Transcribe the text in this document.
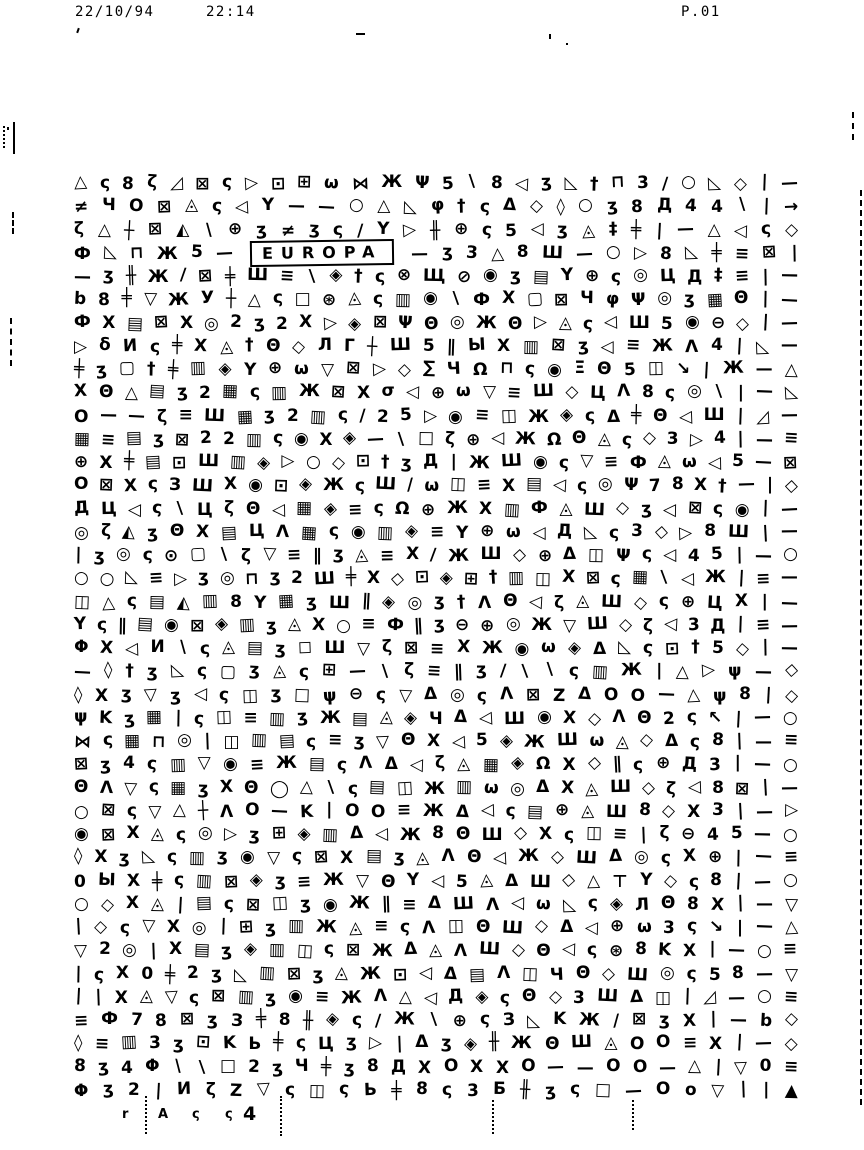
22/10/94	22:14	P.01
△ ς 8 ζ ◿ ⊠ ς ▷ ⊡ ⊞ ω ⋈ Ж Ψ 5 ∖ 8 ◁ ʒ ◺ † ⊓ 3 ∕ ○ ◺ ◇ ∣ —
≠ Ч О ⊠ ◬ ς ◁ Y — — ○ △ ◺ φ † ς Δ ◇ ◊ ○ ʒ 8 Д 4 4 ∖ ∣ →
ζ △ ┼ ⊠ ◭ ∖ ⊕ ʒ ≠ ʒ ς ∕ Y ▷ ╫ ⊕ ς 5 ◁ ʒ ◬ ‡ ╪ ∣ — △ ◁ ς ◇
Ф ◺ ⊓ Ж 5 —	EUROPA	— ʒ 3 △ 8 Ш — ○ ▷ 8 ◺ ╪ ≡ ⊠ ∣
— ʒ ╫ Ж ∕ ⊠ ╪ Ш ≡ ∖ ◈ † ς ⊗ Щ ⊘ ◉ ʒ ▤ Y ⊕ ς ◎ Ц Д ‡ ≡ ∣ —
b 8 ╪ ▽ Ж У ┼ △ ς □ ⊛ ◬ ς ▥ ◉ ∖ Ф X ▢ ⊠ Ч φ Ψ ◎ ʒ ▦ Θ ∣ —
Ф X ▤ ⊠ X ◎ 2 ʒ 2 X ▷ ◈ ⊠ Ψ Θ ◎ Ж Θ ▷ ◬ ς ◁ Ш 5 ◉ ⊖ ◇ ∣ —
▷ δ И ς ╪ X ◬ † Θ ◇ Л Γ ┼ Ш 5 ∥ Ы X ▥ ⊠ ʒ ◁ ≡ Ж Λ 4 ∣ ◺ —
╪ ʒ ▢ † ╪ ▥ ◈ Y ⊕ ω ▽ ⊠ ▷ ◇ ∑ Ч Ω ⊓ ς ◉ Ξ Θ 5 ◫ ↘ ∣ Ж — △
X Θ △ ▤ ʒ 2 ▦ ς ▥ Ж ⊠ X σ ◁ ⊕ ω ▽ ≡ Ш ◇ Ц Λ 8 ς ◎ ∖ ∣ — ◺
O — — ζ ≡ Ш ▦ ʒ 2 ▥ ς ∕ 2 5 ▷ ◉ ≡ ◫ Ж ◈ ς Δ ╪ Θ ◁ Ш ∣ ◿ —
▦ ≡ ▤ ʒ ⊠ 2 2 ▥ ς ◉ X ◈ — ∖ □ ζ ⊕ ◁ Ж Ω Θ ◬ ς ◇ 3 ▷ 4 ∣ — ≡
⊕ X ╪ ▤ ⊡ Ш ▥ ◈ ▷ ○ ◇ ⊡ † ʒ Д ∣ Ж Ш ◉ ς ▽ ≡ Ф ◬ ω ◁ 5 — ⊠
O ⊠ X ς З Ш X ◉ ⊡ ◈ Ж ς Ш ∕ ω ◫ ≡ X ▤ ◁ ς ◎ Ψ 7 8 X † — ∣ ◇
Д Ц ◁ ς ∖ Ц ζ Θ ◁ ▦ ◈ ≡ ς Ω ⊕ Ж X ▥ Ф ◬ Ш ◇ ʒ ◁ ⊠ ς ◉ ∣ —
◎ ζ ◭ ʒ Θ X ▤ Ц Λ ▦ ς ◉ ▥ ◈ ≡ Y ⊕ ω ◁ Д ◺ ς 3 ◇ ▷ 8 Ш ∣ —
∣ ʒ ◎ ς ⊙ ▢ ∖ ζ ▽ ≡ ∥ ʒ ◬ ≡ X ∕ Ж Ш ◇ ⊕ Δ ◫ Ψ ς ◁ 4 5 ∣ — ○
○ ○ ◺ ≡ ▷ ʒ ◎ ⊓ ʒ 2 Ш ╪ X ◇ ⊡ ◈ ⊞ † ▥ ◫ X ⊠ ς ▦ ∖ ◁ Ж ∣ ≡ —
◫ △ ς ▤ ◭ ▥ 8 Y ▦ ʒ Ш ∥ ◈ ◎ ʒ † Λ Θ ◁ ζ ◬ Ш ◇ ς ⊕ Ц X ∣ —
Y ς ∥ ▤ ◉ ⊠ ◈ ▥ ʒ ◬ X ○ ≡ Ф ∥ ʒ ⊖ ⊕ ◎ Ж ▽ Ш ◇ ζ ◁ 3 Д ∣ ≡ —
Φ X ◁ И ∖ ς ◬ ▤ ʒ ◻ Ш ▽ ζ ⊠ ≡ X Ж ◉ ω ◈ Δ ◺ ς ⊡ † 5 ◇ ∣ —
— ◊ † ʒ ◺ ς ▢ ʒ ◬ ς ⊞ — ∖ ζ ≡ ∥ ʒ ∕ ∖ ∖ ς ▥ Ж ∣ △ ▷ ψ — ◇
◊ X ʒ ▽ ʒ ◁ ς ◫ ʒ □ ψ ⊖ ς ▽ Δ ◎ ς Λ ⊠ Ζ Δ Ο Ο — △ ψ 8 ∣ ◇
ψ K ʒ ▦ ∣ ς ◫ ≡ ▥ ʒ Ж ▤ ◬ ◈ Ч Δ ◁ Ш ◉ X ◇ Λ Θ 2 ς ↖ ∣ — ○
⋈ ς ▦ ⊓ ◎ ∣ ◫ ▥ ▤ ς ≡ ʒ ▽ Θ X ◁ 5 ◈ Ж Ш ω ◬ ◇ Δ ς 8 ∣ — ≡
⊠ ʒ 4 ς ▥ ▽ ◉ ≡ Ж ▤ ς Λ Δ ◁ ζ ◬ ▦ ◈ Ω X ◇ ∥ ς ⊕ Д 3 ∣ — ○
Θ Λ ▽ ς ▦ ʒ X Θ ◯ △ ∖ ς ▤ ◫ Ж ▥ ω ◎ Δ X ◬ Ш ◇ ζ ◁ 8 ⊠ ∣ —
○ ⊠ ς ▽ △ ┼ Λ O — K ∣ Ο Ο ≡ Ж Δ ◁ ς ▤ ⊕ ◬ Ш 8 ◇ X 3 ∣ — ▷
◉ ⊠ X ◬ ς ◎ ▷ ʒ ⊞ ◈ ▥ Δ ◁ Ж 8 Θ Ш ◇ X ς ◫ ≡ ∣ ζ ⊖ 4 5 — ○
◊ X ʒ ◺ ς ▥ ʒ ◉ ▽ ς ⊠ X ▤ ʒ ◬ Λ Θ ◁ Ж ◇ Ш Δ ◎ ς X ⊕ ∣ — ≡
0 Ы X ╪ ς ▥ ⊠ ◈ ʒ ≡ Ж ▽ Θ Y ◁ 5 ◬ Δ Ш ◇ △ ⊤ Y ◇ ς 8 ∣ — ○
○ ◇ X ◬ ∣ ▤ ς ⊠ ◫ ʒ ◉ Ж ∥ ≡ Δ Ш Λ ◁ ω ◺ ς ◈ Л Θ 8 X ∣ — ▽
∣ ◇ ς ▽ X ◎ ∣ ⊞ ʒ ▥ Ж ◬ ≡ ς Λ ◫ Θ Ш ◇ Δ ◁ ⊕ ω 3 ς ↘ ∣ — △
▽ 2 ◎ ∣ X ▤ ʒ ◈ ▥ ◫ ς ⊠ Ж Δ ◬ Λ Ш ◇ Θ ◁ ς ⊛ 8 K X ∣ — ○ ≡
∣ ς X 0 ╪ 2 ʒ ◺ ▥ ⊠ ʒ ◬ Ж ⊡ ◁ Δ ▤ Λ ◫ Ч Θ ◇ Ш ◎ ς 5 8 — ▽
∣ ∣ X ◬ ▽ ς ⊠ ▥ ʒ ◉ ≡ Ж Λ △ ◁ Д ◈ ς Θ ◇ 3 Ш Δ ◫ ∣ ◿ — ○ ≡
≡ Ф 7 8 ⊠ ʒ З ╪ 8 ╫ ◈ ς ∕ Ж ∖ ⊕ ς З ◺ K Ж ∕ ⊠ ʒ X ∣ — b ◇
◊ ≡ ▥ 3 ʒ ⊡ K Ь ╪ ς Ц ʒ ▷ ∣ Δ ʒ ◈ ╫ Ж Θ Ш ◬ O О ≡ X ∣ — ◇
8 ʒ 4 Φ ∖ ∖ □ 2 ʒ Ч ╪ ʒ 8 Д X O X X O — — O O — △ ∣ ▽ 0 ≡
Φ ʒ 2 ∣ И ζ Ζ ▽ ς ◫ ς Ь ╪ 8 ς 3 Б ╫ ʒ ς □ — O o ▽ ∣ ∣ ▲
r A ς ς 4
